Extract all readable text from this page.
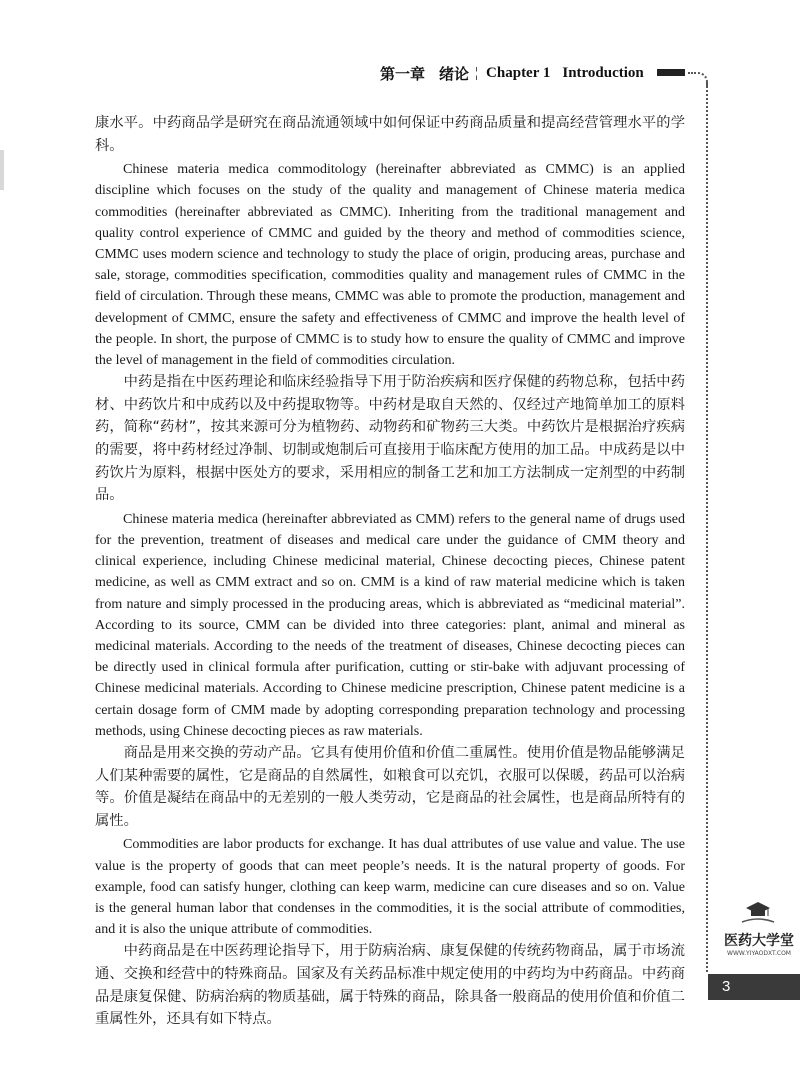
第一章 绪论 ¦ Chapter 1 Introduction

康水平。中药商品学是研究在商品流通领域中如何保证中药商品质量和提高经营管理水平的学科。

Chinese materia medica commoditology (hereinafter abbreviated as CMMC) is an applied discipline which focuses on the study of the quality and management of Chinese materia medica commodities (hereinafter abbreviated as CMMC). Inheriting from the traditional management and quality control experience of CMMC and guided by the theory and method of commodities science, CMMC uses modern science and technology to study the place of origin, producing areas, purchase and sale, storage, commodities specification, commodities quality and management rules of CMMC in the field of circulation. Through these means, CMMC was able to promote the production, management and development of CMMC, ensure the safety and effectiveness of CMMC and improve the health level of the people. In short, the purpose of CMMC is to study how to ensure the quality of CMMC and improve the level of management in the field of commodities circulation.

中药是指在中医药理论和临床经验指导下用于防治疾病和医疗保健的药物总称，包括中药材、中药饮片和中成药以及中药提取物等。中药材是取自天然的、仅经过产地简单加工的原料药，简称“药材”，按其来源可分为植物药、动物药和矿物药三大类。中药饮片是根据治疗疾病的需要，将中药材经过净制、切制或炮制后可直接用于临床配方使用的加工品。中成药是以中药饮片为原料，根据中医处方的要求，采用相应的制备工艺和加工方法制成一定剂型的中药制品。

Chinese materia medica (hereinafter abbreviated as CMM) refers to the general name of drugs used for the prevention, treatment of diseases and medical care under the guidance of CMM theory and clinical experience, including Chinese medicinal material, Chinese decocting pieces, Chinese patent medicine, as well as CMM extract and so on. CMM is a kind of raw material medicine which is taken from nature and simply processed in the producing areas, which is abbreviated as “medicinal material”. According to its source, CMM can be divided into three categories: plant, animal and mineral as medicinal materials. According to the needs of the treatment of diseases, Chinese decocting pieces can be directly used in clinical formula after purification, cutting or stir-bake with adjuvant processing of Chinese medicinal materials. According to Chinese medicine prescription, Chinese patent medicine is a certain dosage form of CMM made by adopting corresponding preparation technology and processing methods, using Chinese decocting pieces as raw materials.

商品是用来交换的劳动产品。它具有使用价值和价值二重属性。使用价值是物品能够满足人们某种需要的属性，它是商品的自然属性，如粮食可以充饥，衣服可以保暖，药品可以治病等。价值是凝结在商品中的无差别的一般人类劳动，它是商品的社会属性，也是商品所特有的属性。

Commodities are labor products for exchange. It has dual attributes of use value and value. The use value is the property of goods that can meet people’s needs. It is the natural property of goods. For example, food can satisfy hunger, clothing can keep warm, medicine can cure diseases and so on. Value is the general human labor that condenses in the commodities, it is the social attribute of commodities, and it is also the unique attribute of commodities.

中药商品是在中医药理论指导下，用于防病治病、康复保健的传统药物商品，属于市场流通、交换和经营中的特殊商品。国家及有关药品标准中规定使用的中药均为中药商品。中药商品是康复保健、防病治病的物质基础，属于特殊的商品，除具备一般商品的使用价值和价值二重属性外，还具有如下特点。

医药大学堂
WWW.YIYAODXT.COM
3
